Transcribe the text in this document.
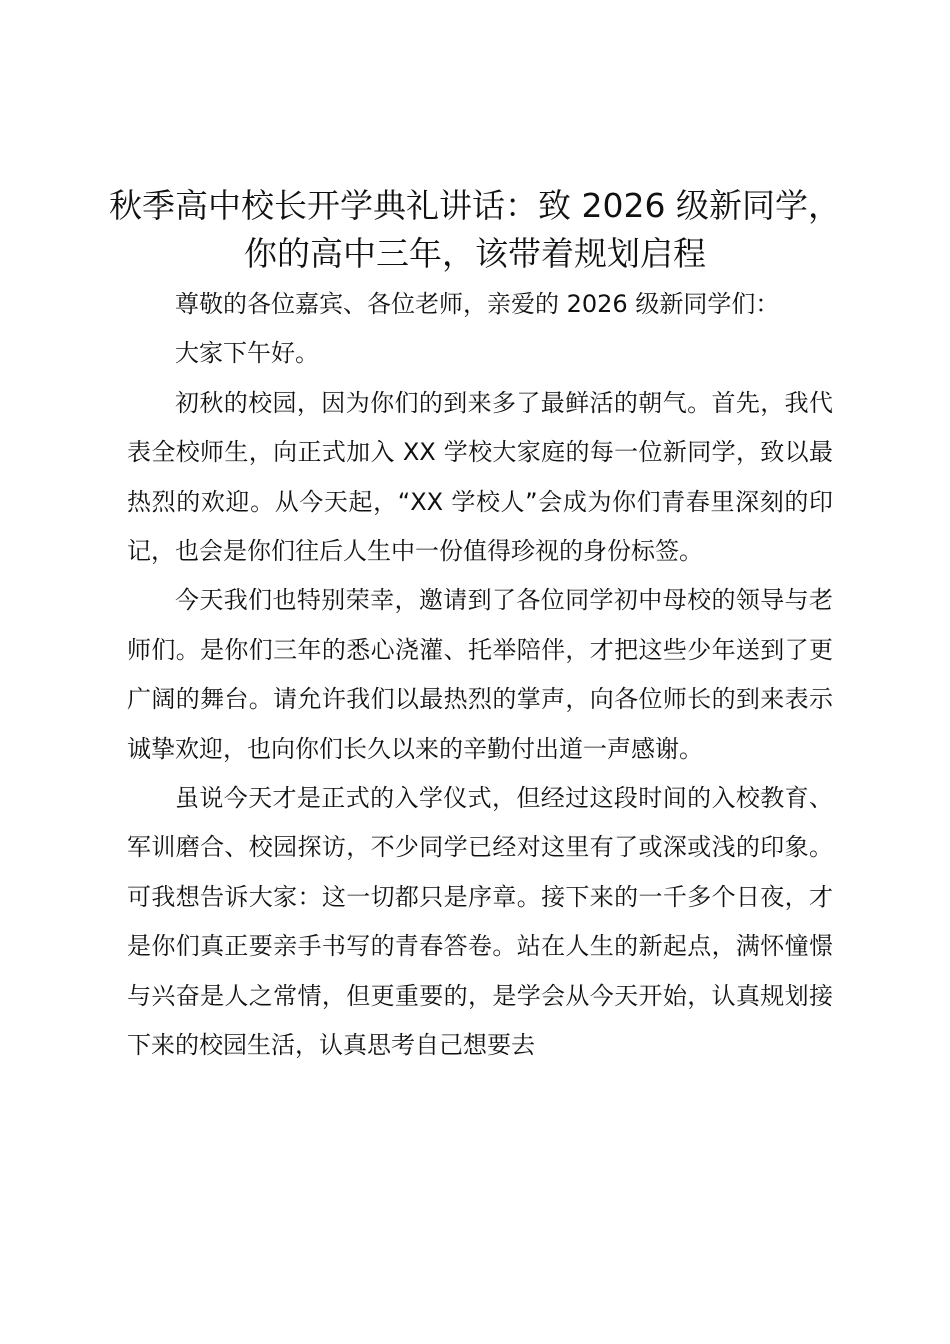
秋季高中校长开学典礼讲话：致 2026 级新同学，你的高中三年，该带着规划启程

尊敬的各位嘉宾、各位老师，亲爱的 2026 级新同学们：

大家下午好。

初秋的校园，因为你们的到来多了最鲜活的朝气。首先，我代表全校师生，向正式加入 XX 学校大家庭的每一位新同学，致以最热烈的欢迎。从今天起，“XX 学校人”会成为你们青春里深刻的印记，也会是你们往后人生中一份值得珍视的身份标签。

今天我们也特别荣幸，邀请到了各位同学初中母校的领导与老师们。是你们三年的悉心浇灌、托举陪伴，才把这些少年送到了更广阔的舞台。请允许我们以最热烈的掌声，向各位师长的到来表示诚挚欢迎，也向你们长久以来的辛勤付出道一声感谢。

虽说今天才是正式的入学仪式，但经过这段时间的入校教育、军训磨合、校园探访，不少同学已经对这里有了或深或浅的印象。可我想告诉大家：这一切都只是序章。接下来的一千多个日夜，才是你们真正要亲手书写的青春答卷。站在人生的新起点，满怀憧憬与兴奋是人之常情，但更重要的，是学会从今天开始，认真规划接下来的校园生活，认真思考自己想要去
